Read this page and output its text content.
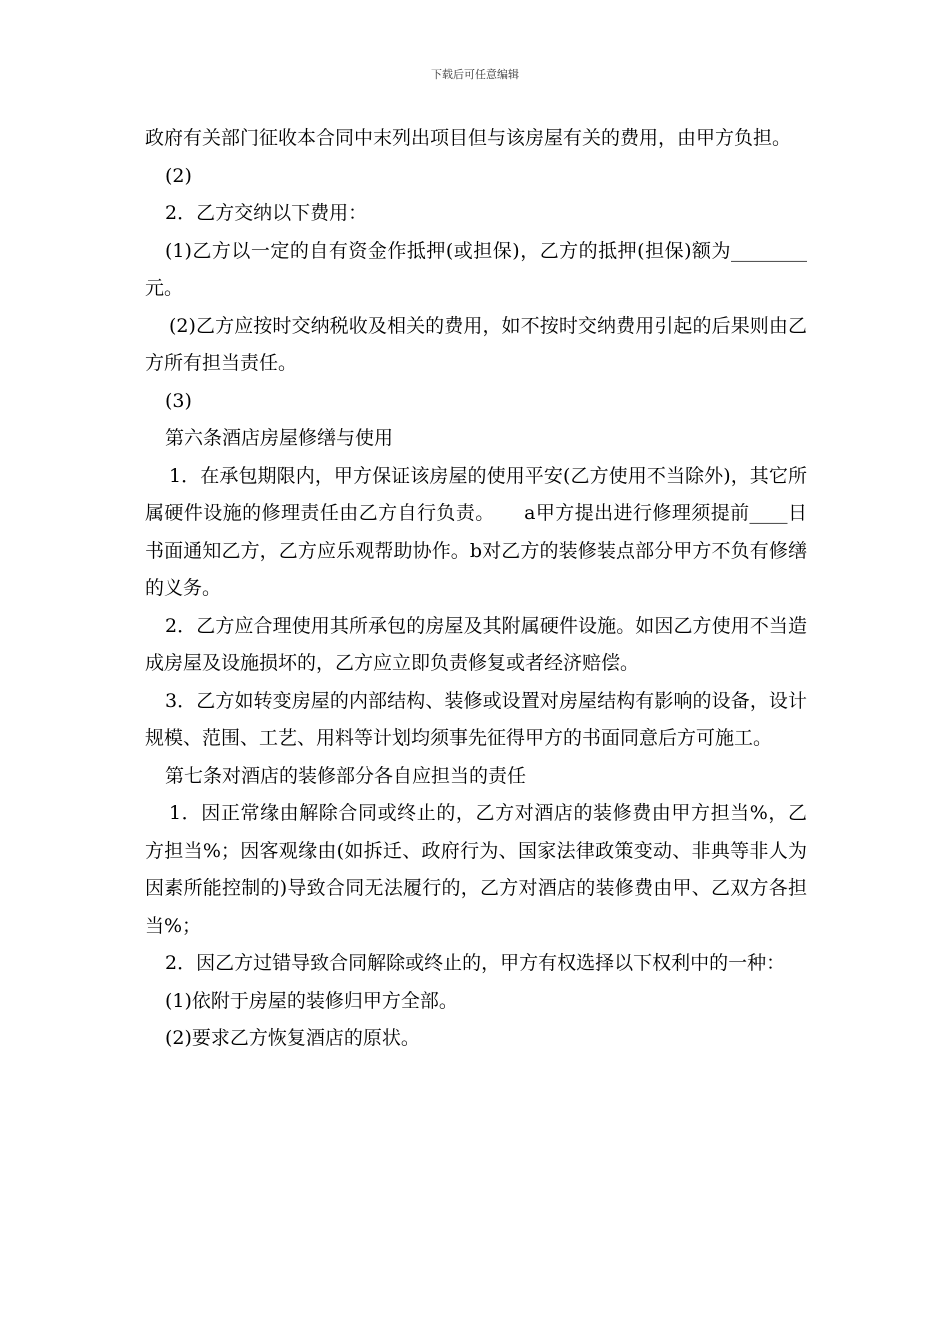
下载后可任意编辑

政府有关部门征收本合同中末列出项目但与该房屋有关的费用，由甲方负担。

(2)

2．乙方交纳以下费用：

(1)乙方以一定的自有资金作抵押(或担保)，乙方的抵押(担保)额为________元。

(2)乙方应按时交纳税收及相关的费用，如不按时交纳费用引起的后果则由乙方所有担当责任。

(3)

第六条酒店房屋修缮与使用

1．在承包期限内，甲方保证该房屋的使用平安(乙方使用不当除外)，其它所属硬件设施的修理责任由乙方自行负责。　　a甲方提出进行修理须提前____日书面通知乙方，乙方应乐观帮助协作。b对乙方的装修装点部分甲方不负有修缮的义务。

2．乙方应合理使用其所承包的房屋及其附属硬件设施。如因乙方使用不当造成房屋及设施损坏的，乙方应立即负责修复或者经济赔偿。

3．乙方如转变房屋的内部结构、装修或设置对房屋结构有影响的设备，设计规模、范围、工艺、用料等计划均须事先征得甲方的书面同意后方可施工。

第七条对酒店的装修部分各自应担当的责任

1．因正常缘由解除合同或终止的，乙方对酒店的装修费由甲方担当%，乙方担当%；因客观缘由(如拆迁、政府行为、国家法律政策变动、非典等非人为因素所能控制的)导致合同无法履行的，乙方对酒店的装修费由甲、乙双方各担当%；

2．因乙方过错导致合同解除或终止的，甲方有权选择以下权利中的一种：

(1)依附于房屋的装修归甲方全部。

(2)要求乙方恢复酒店的原状。
